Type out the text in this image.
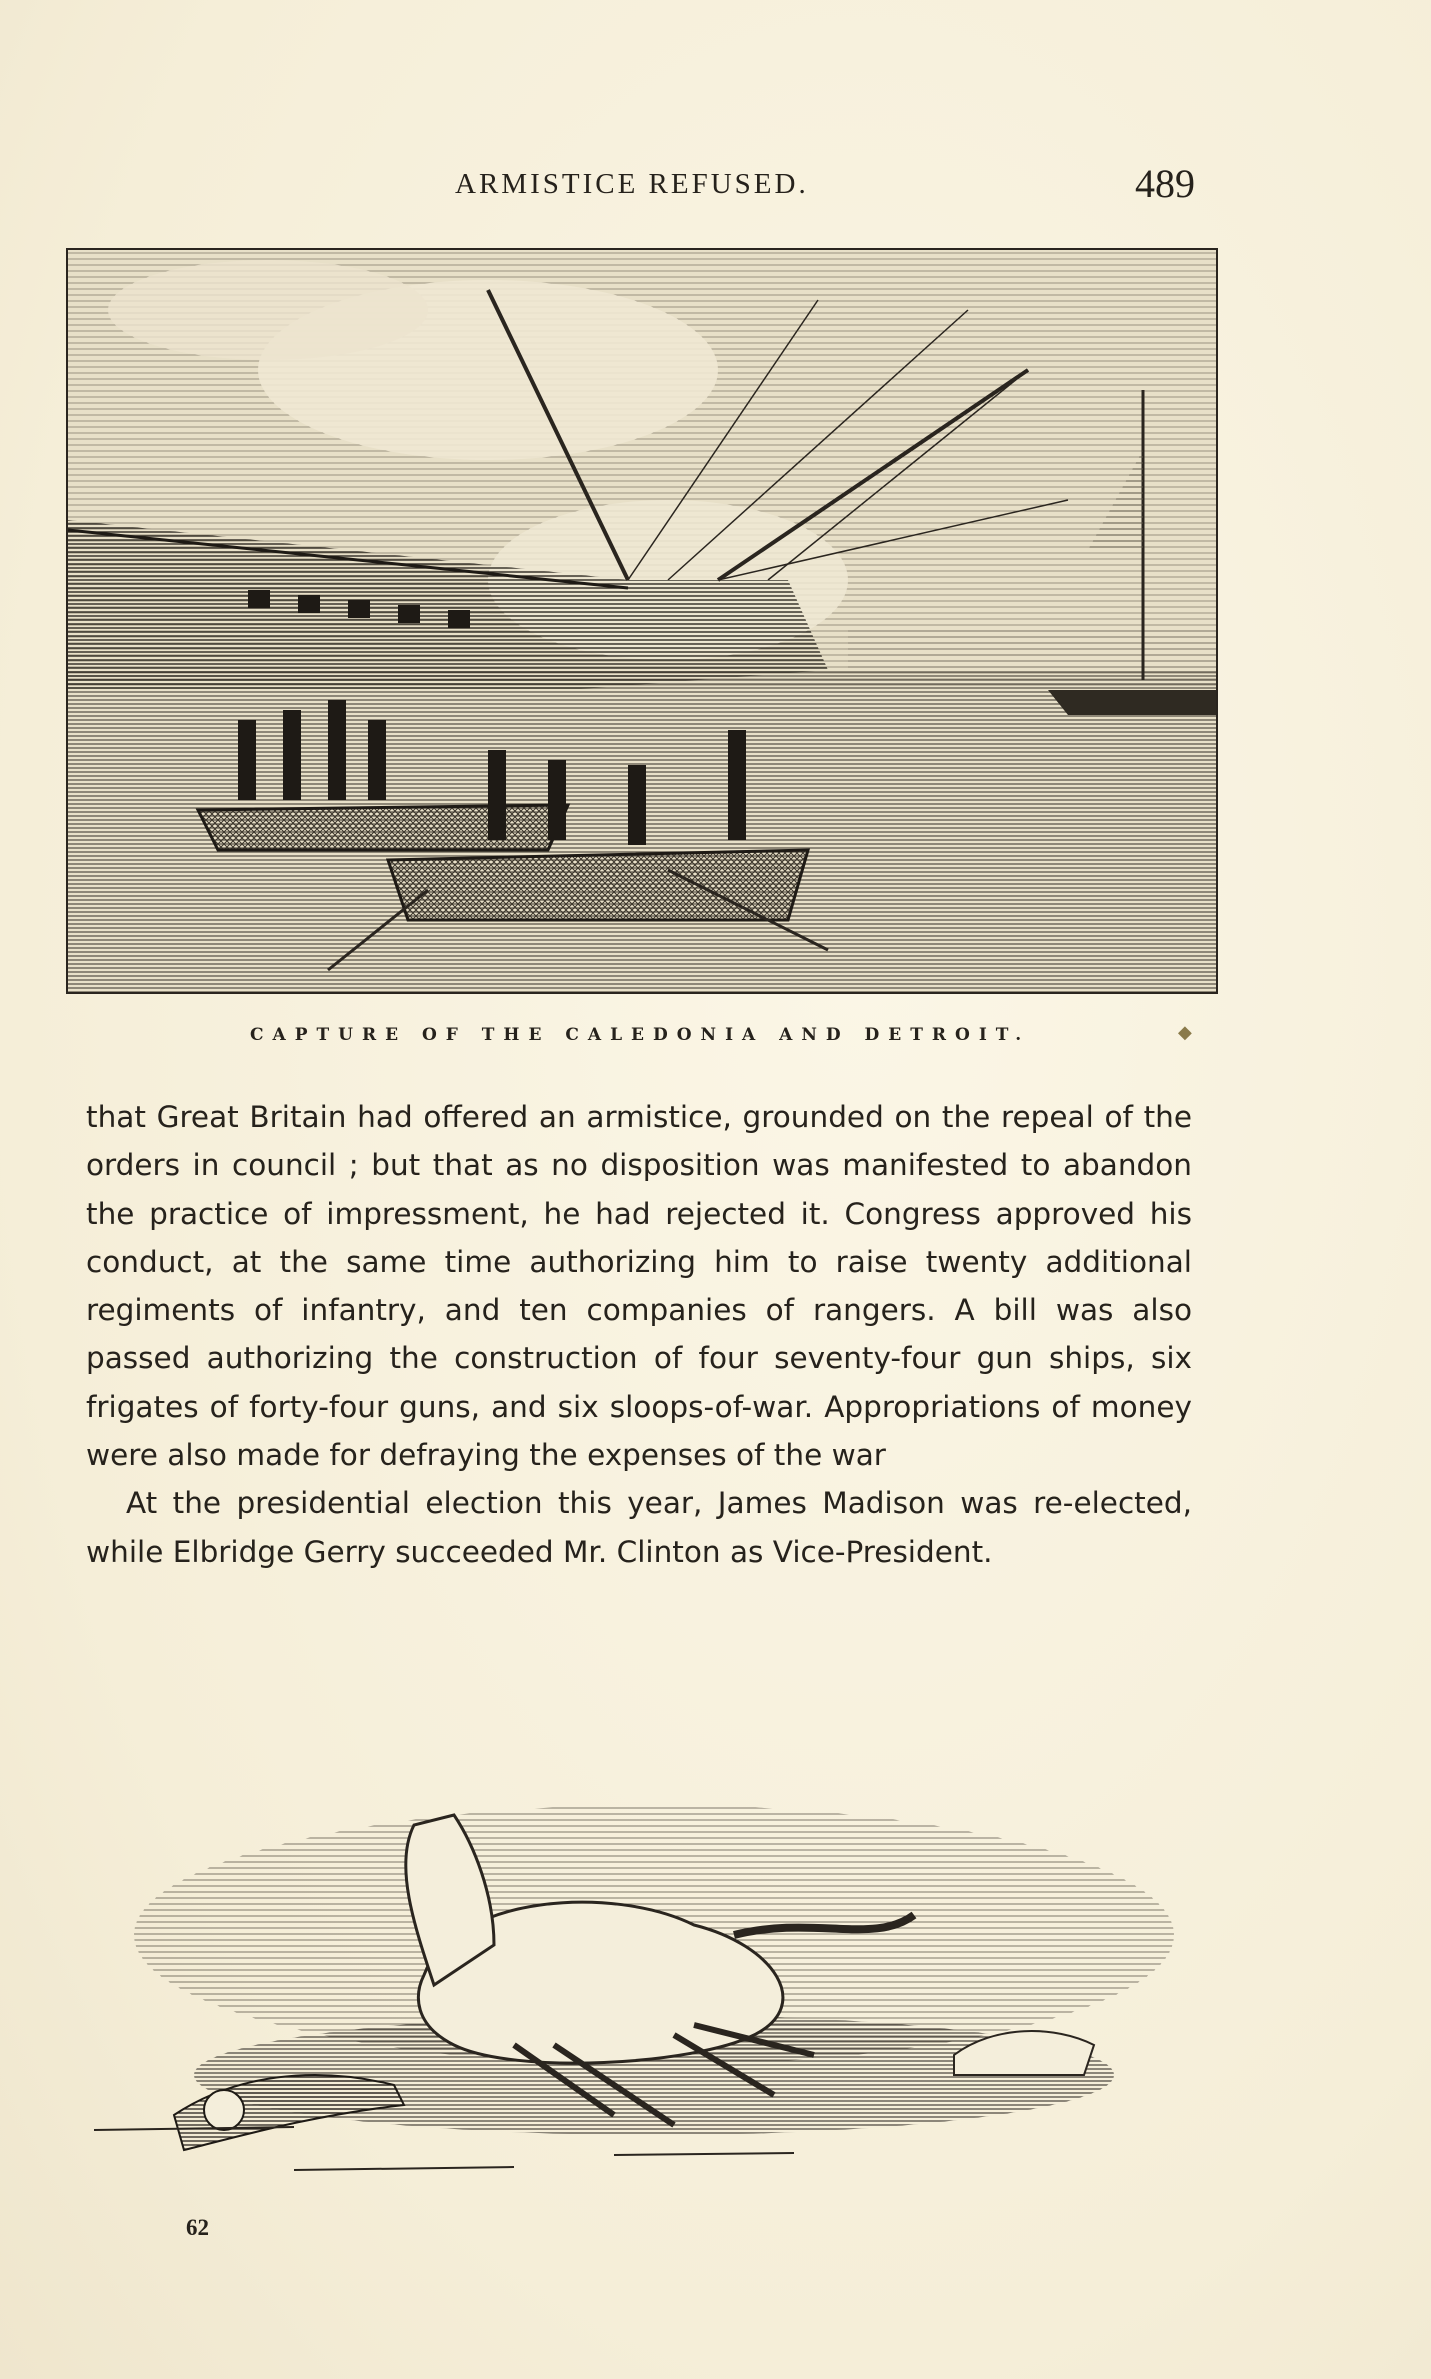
ARMISTICE REFUSED.	489
CAPTURE OF THE CALEDONIA AND DETROIT.	◆

that Great Britain had offered an armistice, grounded on the repeal of the orders in council ; but that as no disposition was manifested to abandon the practice of impressment, he had rejected it. Congress approved his conduct, at the same time authorizing him to raise twenty additional regiments of infantry, and ten companies of rangers. A bill was also passed authorizing the construction of four seventy-four gun ships, six frigates of forty-four guns, and six sloops-of-war. Appropriations of money were also made for defraying the expenses of the war

At the presidential election this year, James Madison was re-elected, while Elbridge Gerry succeeded Mr. Clinton as Vice-President.

62
